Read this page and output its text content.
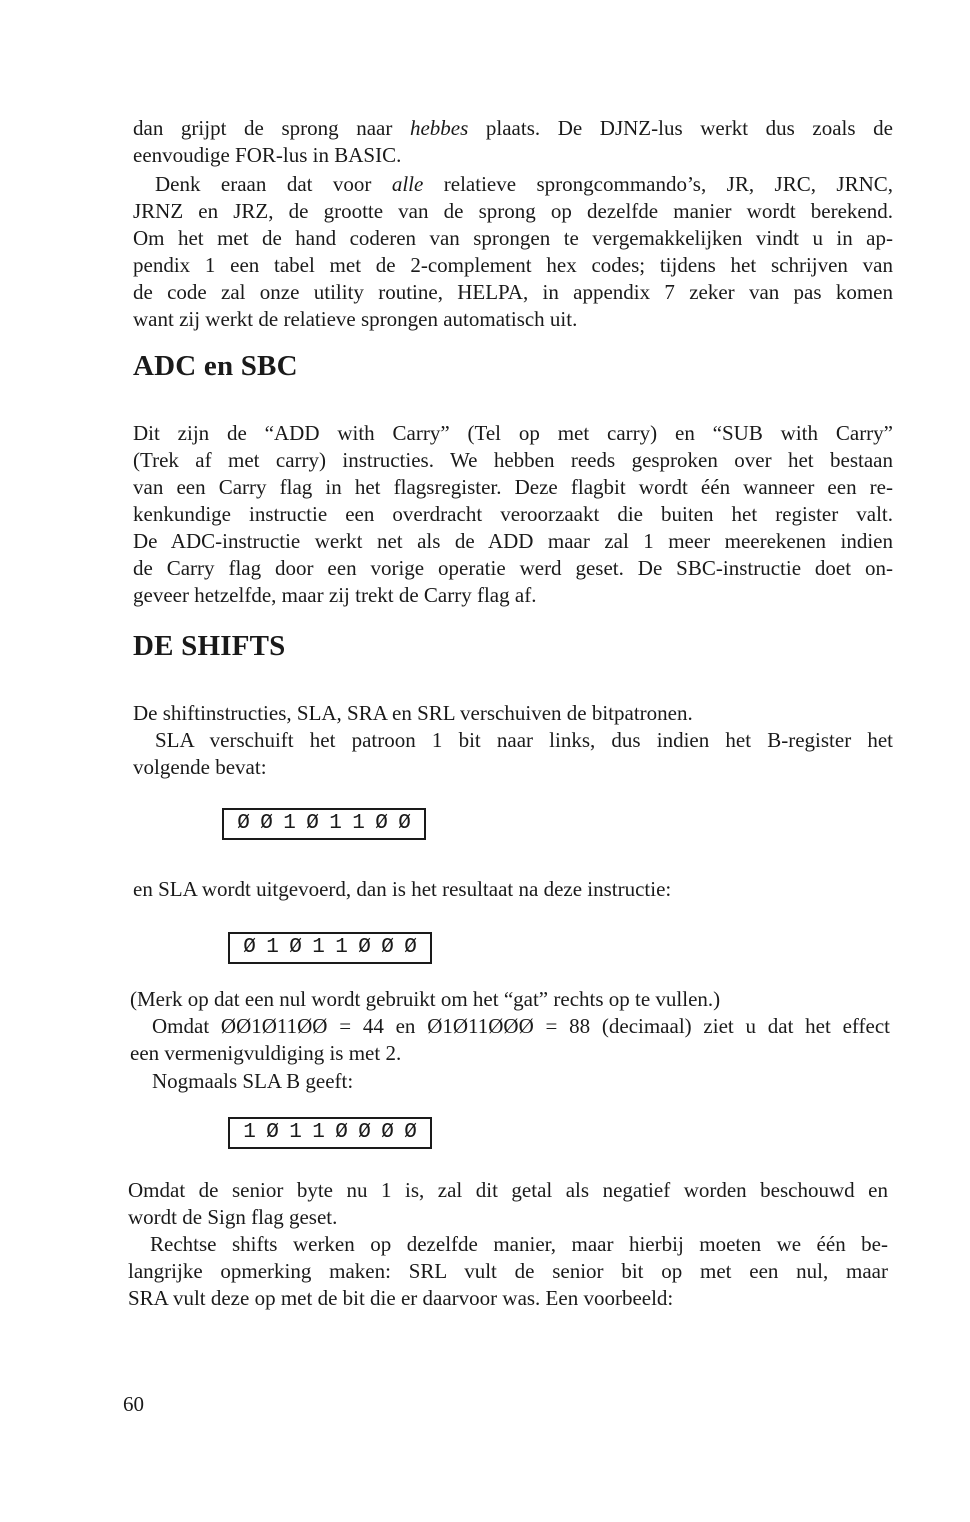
dan grijpt de sprong naar hebbes plaats. De DJNZ-lus werkt dus zoals de
eenvoudige FOR-lus in BASIC.
Denk eraan dat voor alle relatieve sprongcommando’s, JR, JRC, JRNC,
JRNZ en JRZ, de grootte van de sprong op dezelfde manier wordt berekend.
Om het met de hand coderen van sprongen te vergemakkelijken vindt u in ap-
pendix 1 een tabel met de 2-complement hex codes; tijdens het schrijven van
de code zal onze utility routine, HELPA, in appendix 7 zeker van pas komen
want zij werkt de relatieve sprongen automatisch uit.
ADC en SBC
Dit zijn de “ADD with Carry” (Tel op met carry) en “SUB with Carry”
(Trek af met carry) instructies. We hebben reeds gesproken over het bestaan
van een Carry flag in het flagsregister. Deze flagbit wordt één wanneer een re-
kenkundige instructie een overdracht veroorzaakt die buiten het register valt.
De ADC-instructie werkt net als de ADD maar zal 1 meer meerekenen indien
de Carry flag door een vorige operatie werd geset. De SBC-instructie doet on-
geveer hetzelfde, maar zij trekt de Carry flag af.
DE SHIFTS
De shiftinstructies, SLA, SRA en SRL verschuiven de bitpatronen.
SLA verschuift het patroon 1 bit naar links, dus indien het B-register het
volgende bevat:
Ø Ø 1 Ø 1 1 Ø Ø
en SLA wordt uitgevoerd, dan is het resultaat na deze instructie:
Ø 1 Ø 1 1 Ø Ø Ø
(Merk op dat een nul wordt gebruikt om het “gat” rechts op te vullen.)
Omdat ØØ1Ø11ØØ = 44 en Ø1Ø11ØØØ = 88 (decimaal) ziet u dat het effect
een vermenigvuldiging is met 2.
Nogmaals SLA B geeft:
1 Ø 1 1 Ø Ø Ø Ø
Omdat de senior byte nu 1 is, zal dit getal als negatief worden beschouwd en
wordt de Sign flag geset.
Rechtse shifts werken op dezelfde manier, maar hierbij moeten we één be-
langrijke opmerking maken: SRL vult de senior bit op met een nul, maar
SRA vult deze op met de bit die er daarvoor was. Een voorbeeld:
60
